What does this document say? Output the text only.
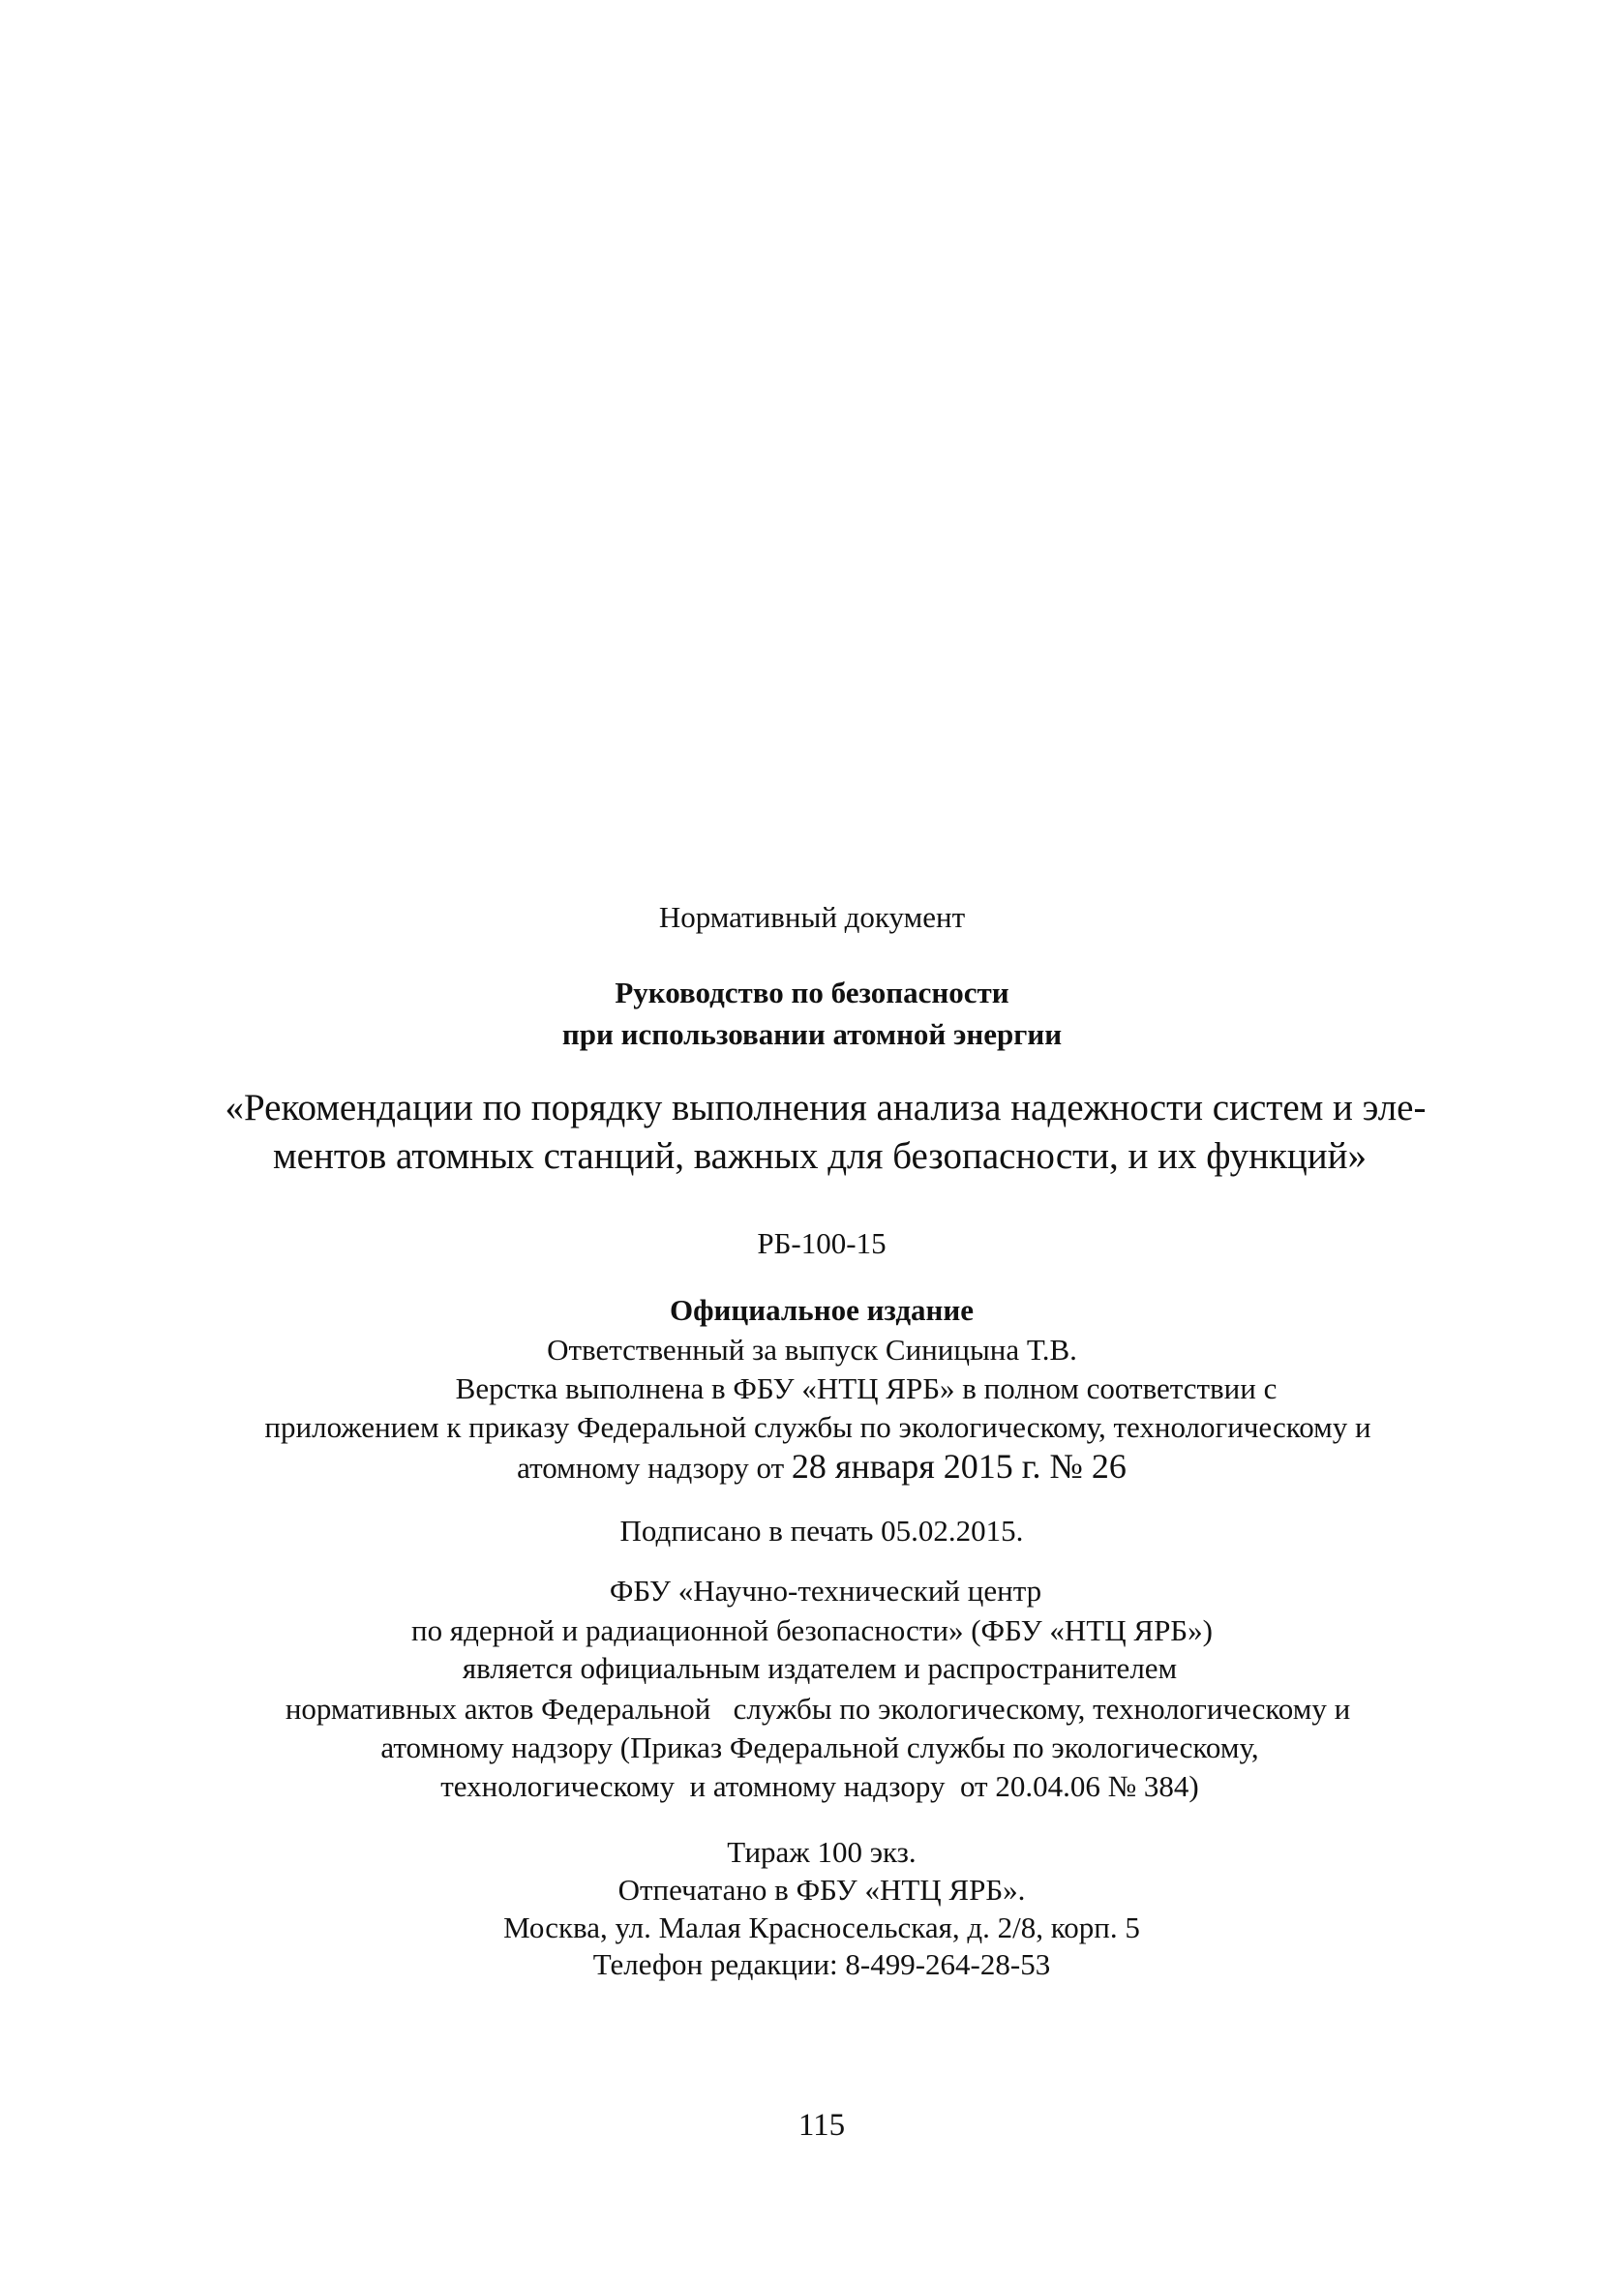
Нормативный документ
Руководство по безопасности
при использовании атомной энергии
«Рекомендации по порядку выполнения анализа надежности систем и эле-
ментов атомных станций, важных для безопасности, и их функций»
РБ-100-15
Официальное издание
Ответственный за выпуск Синицына Т.В.
Верстка выполнена в ФБУ «НТЦ ЯРБ» в полном соответствии с
приложением к приказу Федеральной службы по экологическому, технологическому и
атомному надзору от 28 января 2015 г. № 26
Подписано в печать 05.02.2015.
ФБУ «Научно-технический центр
по ядерной и радиационной безопасности» (ФБУ «НТЦ ЯРБ»)
является официальным издателем и распространителем
нормативных актов Федеральной   службы по экологическому, технологическому и
атомному надзору (Приказ Федеральной службы по экологическому,
технологическому  и атомному надзору  от 20.04.06 № 384)
Тираж 100 экз.
Отпечатано в ФБУ «НТЦ ЯРБ».
Москва, ул. Малая Красносельская, д. 2/8, корп. 5
Телефон редакции: 8-499-264-28-53
115
